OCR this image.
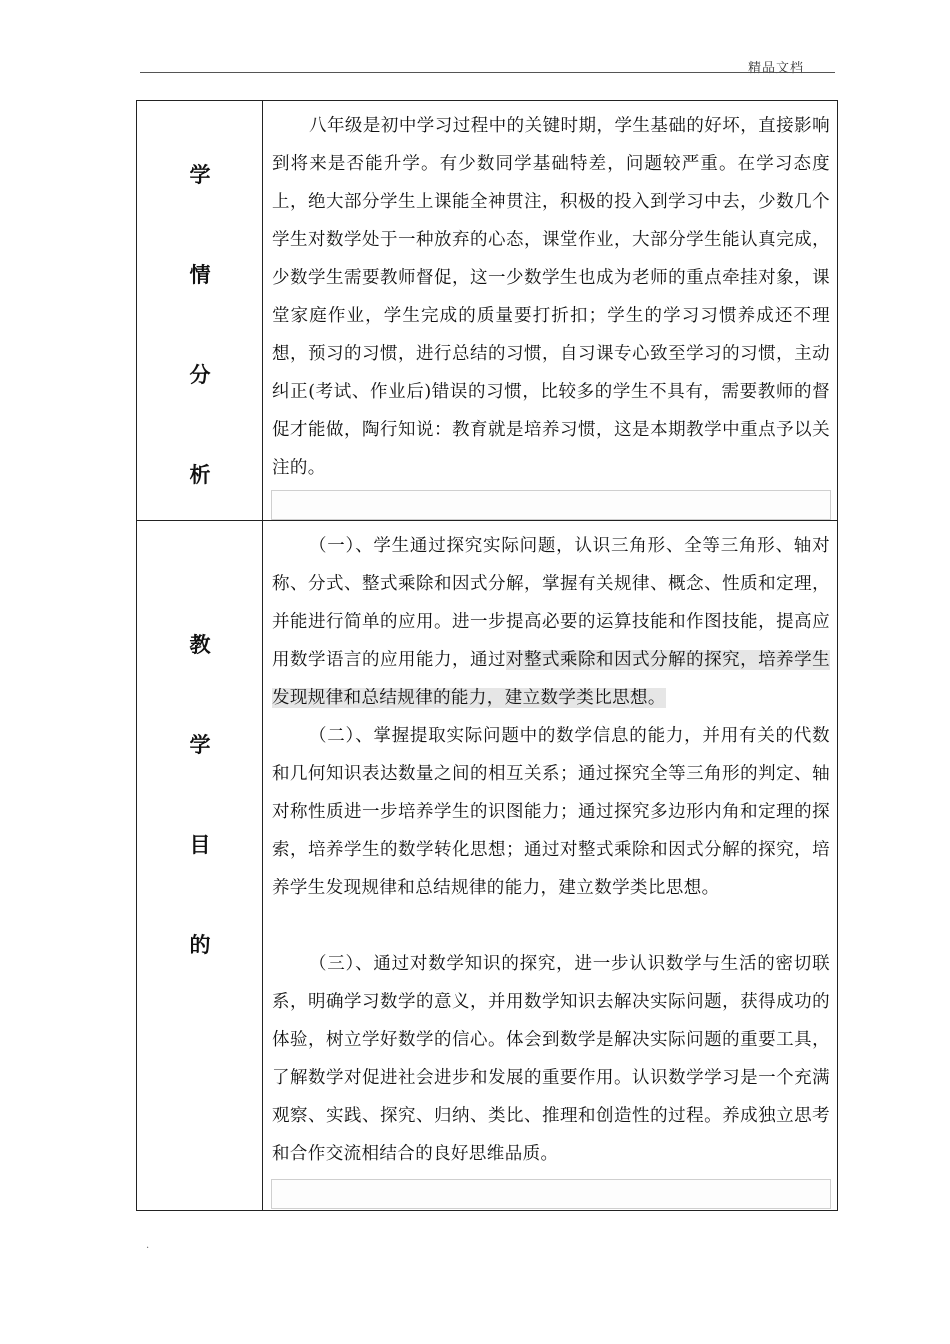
精品文档
学
情
分
析
八年级是初中学习过程中的关键时期，学生基础的好坏，直接影响到将来是否能升学。有少数同学基础特差，问题较严重。在学习态度上，绝大部分学生上课能全神贯注，积极的投入到学习中去，少数几个学生对数学处于一种放弃的心态，课堂作业，大部分学生能认真完成，少数学生需要教师督促，这一少数学生也成为老师的重点牵挂对象，课堂家庭作业，学生完成的质量要打折扣；学生的学习习惯养成还不理想，预习的习惯，进行总结的习惯，自习课专心致至学习的习惯，主动纠正(考试、作业后)错误的习惯，比较多的学生不具有，需要教师的督促才能做，陶行知说：教育就是培养习惯，这是本期教学中重点予以关注的。
教
学
目
的
（一）、学生通过探究实际问题，认识三角形、全等三角形、轴对称、分式、整式乘除和因式分解，掌握有关规律、概念、性质和定理，并能进行简单的应用。进一步提高必要的运算技能和作图技能，提高应用数学语言的应用能力，通过对整式乘除和因式分解的探究，培养学生发现规律和总结规律的能力，建立数学类比思想。
（二）、掌握提取实际问题中的数学信息的能力，并用有关的代数和几何知识表达数量之间的相互关系；通过探究全等三角形的判定、轴对称性质进一步培养学生的识图能力；通过探究多边形内角和定理的探索，培养学生的数学转化思想；通过对整式乘除和因式分解的探究，培养学生发现规律和总结规律的能力，建立数学类比思想。
（三）、通过对数学知识的探究，进一步认识数学与生活的密切联系，明确学习数学的意义，并用数学知识去解决实际问题，获得成功的体验，树立学好数学的信心。体会到数学是解决实际问题的重要工具，了解数学对促进社会进步和发展的重要作用。认识数学学习是一个充满观察、实践、探究、归纳、类比、推理和创造性的过程。养成独立思考和合作交流相结合的良好思维品质。
.
